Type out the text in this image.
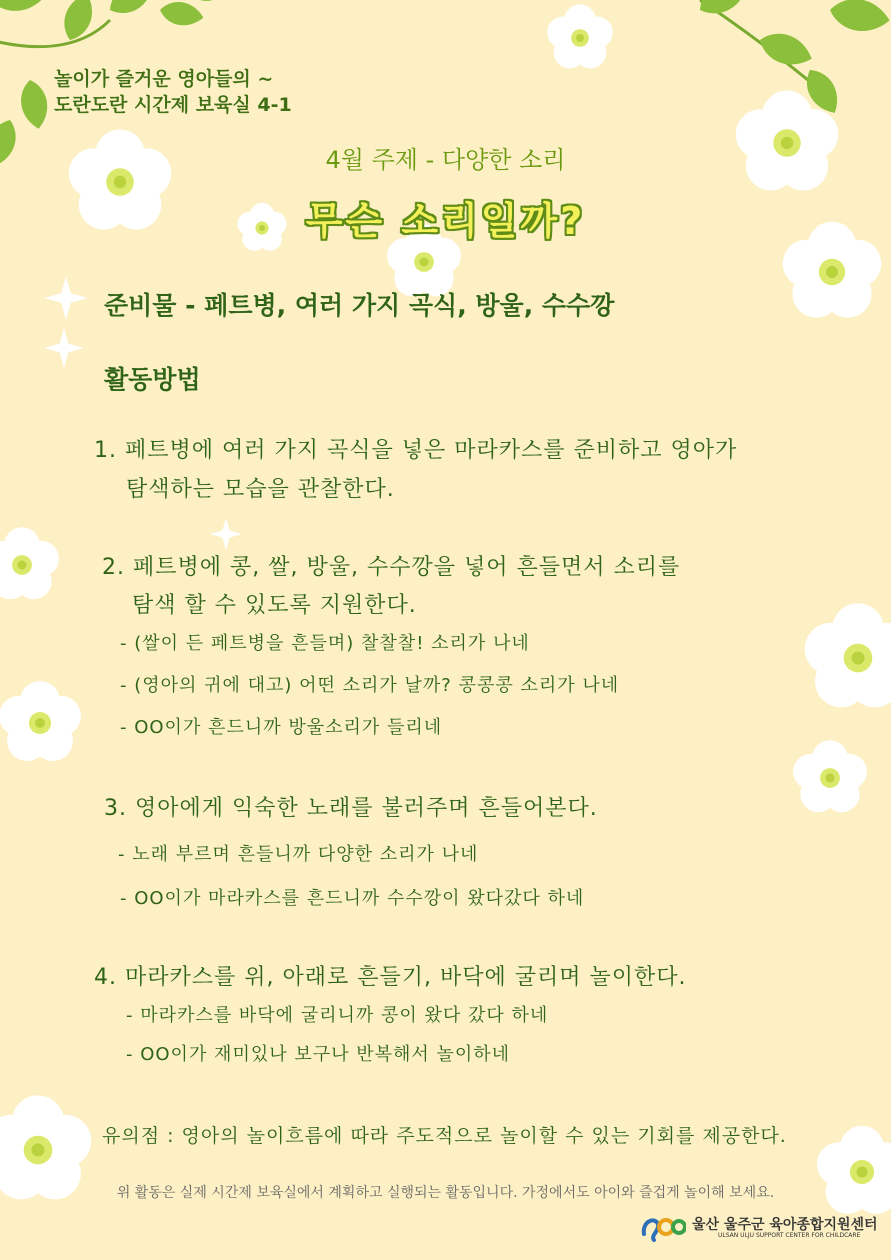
놀이가 즐거운 영아들의 ~

도란도란 시간제 보육실 4-1

4월 주제 - 다양한 소리

무슨 소리일까?

준비물 - 페트병, 여러 가지 곡식, 방울, 수수깡

활동방법

1. 페트병에 여러 가지 곡식을 넣은 마라카스를 준비하고 영아가

탐색하는 모습을 관찰한다.

2. 페트병에 콩, 쌀, 방울, 수수깡을 넣어 흔들면서 소리를

탐색 할 수 있도록 지원한다.

- (쌀이 든 페트병을 흔들며) 찰찰찰! 소리가 나네

- (영아의 귀에 대고) 어떤 소리가 날까? 콩콩콩 소리가 나네

- OO이가 흔드니까 방울소리가 들리네

3. 영아에게 익숙한 노래를 불러주며 흔들어본다.

- 노래 부르며 흔들니까 다양한 소리가 나네

- OO이가 마라카스를 흔드니까 수수깡이 왔다갔다 하네

4. 마라카스를 위, 아래로 흔들기, 바닥에 굴리며 놀이한다.

- 마라카스를 바닥에 굴리니까 콩이 왔다 갔다 하네

- OO이가 재미있나 보구나 반복해서 놀이하네

유의점 : 영아의 놀이흐름에 따라 주도적으로 놀이할 수 있는 기회를 제공한다.

위 활동은 실제 시간제 보육실에서 계획하고 실행되는 활동입니다. 가정에서도 아이와 즐겁게 놀이해 보세요.

울산 울주군 육아종합지원센터
ULSAN ULJU SUPPORT CENTER FOR CHILDCARE
